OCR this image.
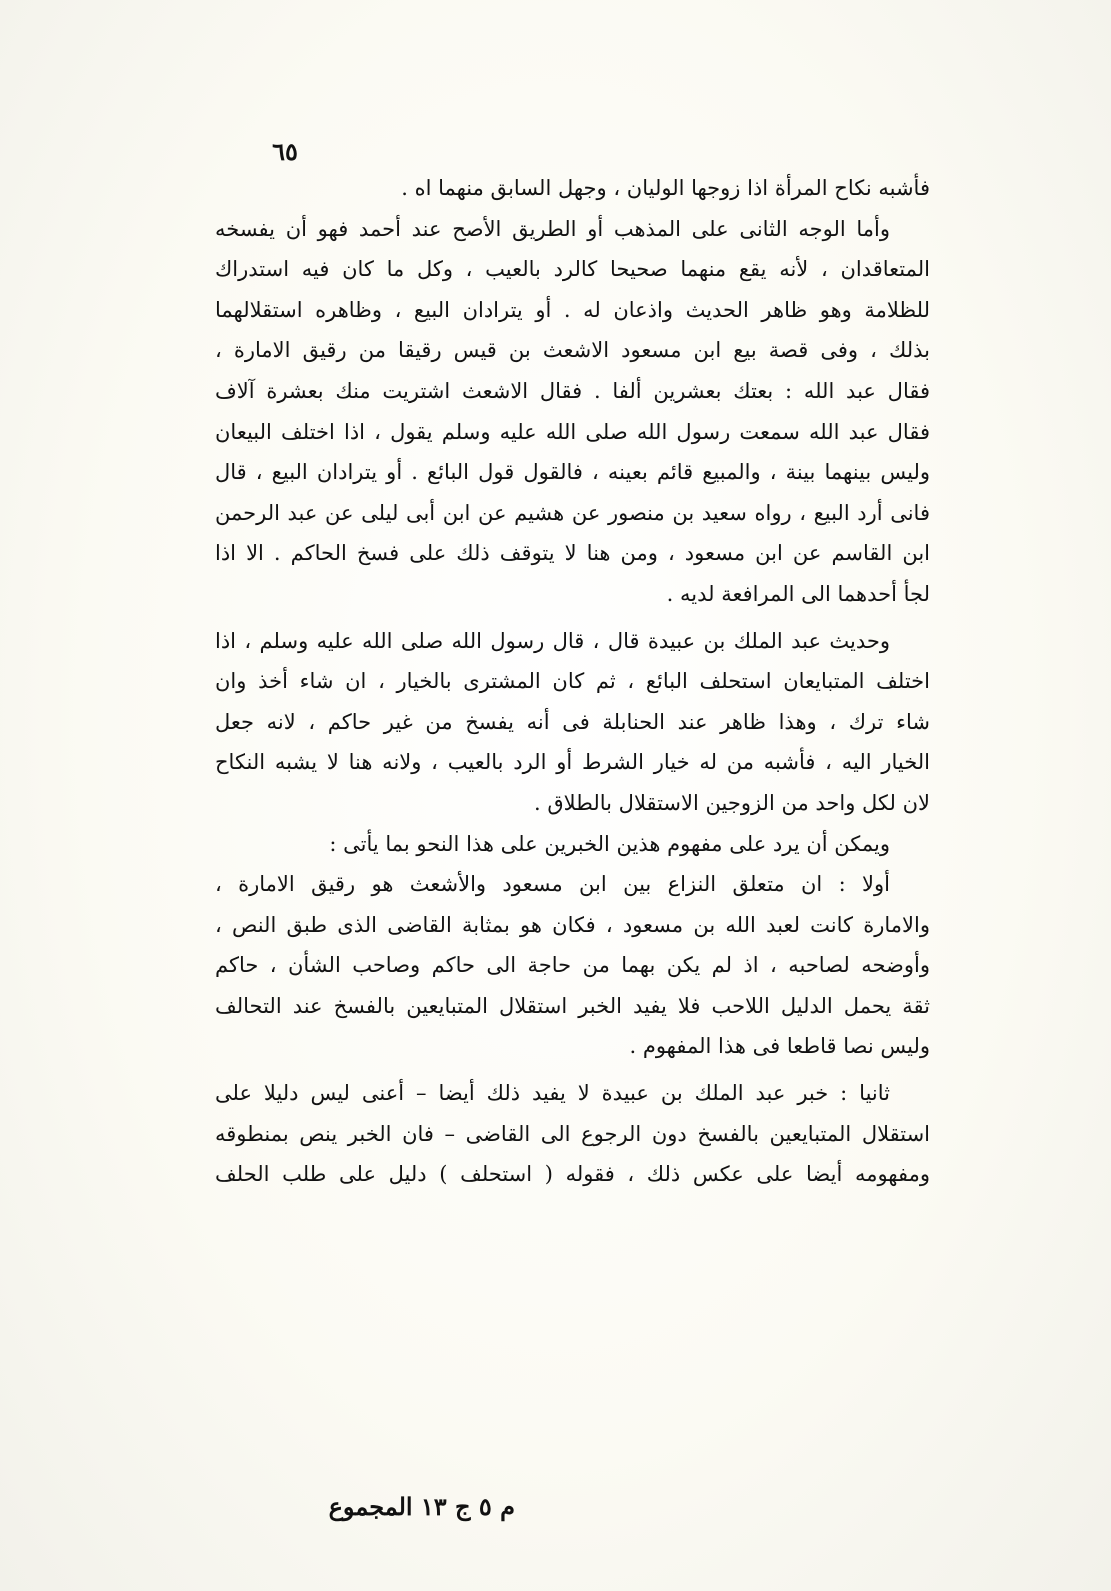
٦٥
فأشبه نكاح المرأة اذا زوجها الوليان ، وجهل السابق منهما اه .
وأما الوجه الثانى على المذهب أو الطريق الأصح عند أحمد فهو أن يفسخه
المتعاقدان ، لأنه يقع منهما صحيحا كالرد بالعيب ، وكل ما كان فيه استدراك
للظلامة وهو ظاهر الحديث واذعان له . أو يترادان البيع ، وظاهره استقلالهما
بذلك ، وفى قصة بيع ابن مسعود الاشعث بن قيس رقيقا من رقيق الامارة ،
فقال عبد الله : بعتك بعشرين ألفا . فقال الاشعث اشتريت منك بعشرة آلاف
فقال عبد الله سمعت رسول الله صلى الله عليه وسلم يقول ، اذا اختلف البيعان
وليس بينهما بينة ، والمبيع قائم بعينه ، فالقول قول البائع . أو يترادان البيع ، قال
فانى أرد البيع ، رواه سعيد بن منصور عن هشيم عن ابن أبى ليلى عن عبد الرحمن
ابن القاسم عن ابن مسعود ، ومن هنا لا يتوقف ذلك على فسخ الحاكم . الا اذا
لجأ أحدهما الى المرافعة لديه .
وحديث عبد الملك بن عبيدة قال ، قال رسول الله صلى الله عليه وسلم ، اذا
اختلف المتبايعان استحلف البائع ، ثم كان المشترى بالخيار ، ان شاء أخذ وان
شاء ترك ، وهذا ظاهر عند الحنابلة فى أنه يفسخ من غير حاكم ، لانه جعل
الخيار اليه ، فأشبه من له خيار الشرط أو الرد بالعيب ، ولانه هنا لا يشبه النكاح
لان لكل واحد من الزوجين الاستقلال بالطلاق .
ويمكن أن يرد على مفهوم هذين الخبرين على هذا النحو بما يأتى :
أولا : ان متعلق النزاع بين ابن مسعود والأشعث هو رقيق الامارة ،
والامارة كانت لعبد الله بن مسعود ، فكان هو بمثابة القاضى الذى طبق النص ،
وأوضحه لصاحبه ، اذ لم يكن بهما من حاجة الى حاكم وصاحب الشأن ، حاكم
ثقة يحمل الدليل اللاحب فلا يفيد الخبر استقلال المتبايعين بالفسخ عند التحالف
وليس نصا قاطعا فى هذا المفهوم .
ثانيا : خبر عبد الملك بن عبيدة لا يفيد ذلك أيضا – أعنى ليس دليلا على
استقلال المتبايعين بالفسخ دون الرجوع الى القاضى – فان الخبر ينص بمنطوقه
ومفهومه أيضا على عكس ذلك ، فقوله ( استحلف ) دليل على طلب الحلف
م ٥ ج ١٣ المجموع
